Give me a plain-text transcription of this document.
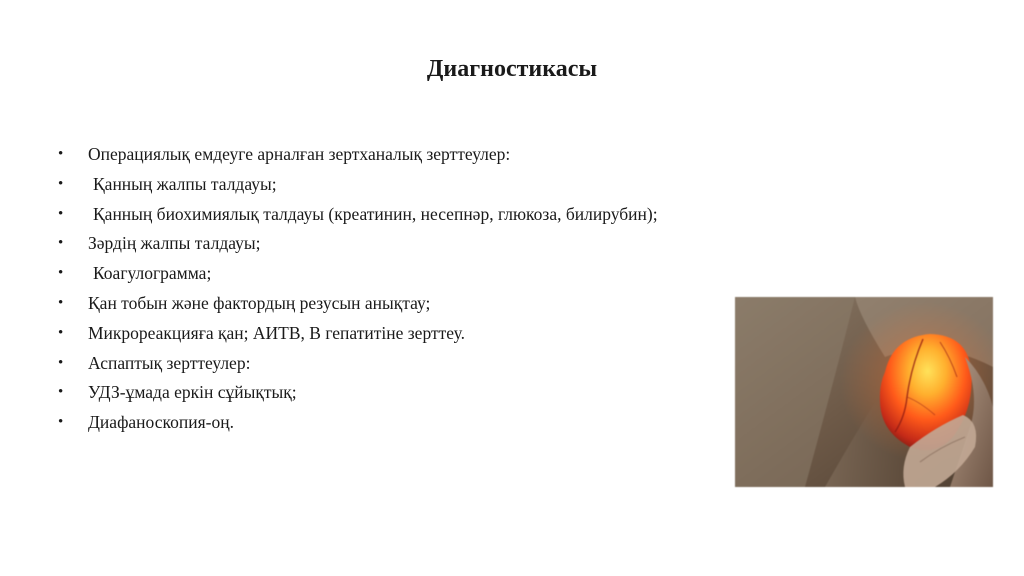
Диагностикасы
• Операциялық емдеуге арналған зертханалық зерттеулер:
• Қанның жалпы талдауы;
• Қанның биохимиялық талдауы (креатинин, несепнәр, глюкоза, билирубин);
• Зәрдің жалпы талдауы;
• Коагулограмма;
• Қан тобын және фактордың резусын анықтау;
• Микрореакцияға қан; АИТВ, В гепатитіне зерттеу.
• Аспаптық зерттеулер:
• УДЗ-ұмада еркін сұйықтық;
• Диафаноскопия-оң.
